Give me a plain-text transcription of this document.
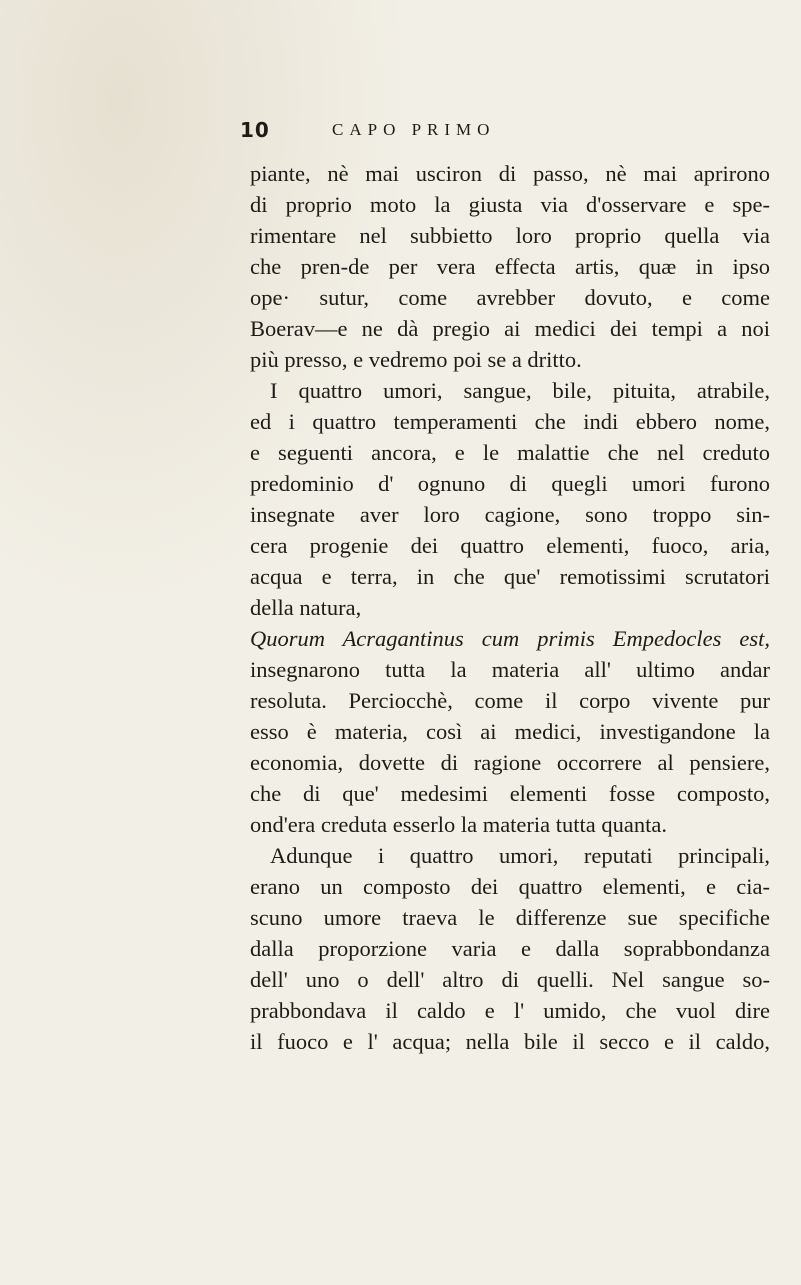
10	CAPO PRIMO
piante, nè mai usciron di passo, nè mai aprirono
di proprio moto la giusta via d'osservare e spe-
rimentare nel subbietto loro proprio quella via
che pren-de per vera effecta artis, quæ in ipso
ope· sutur, come avrebber dovuto, e come
Boerav—e ne dà pregio ai medici dei tempi a noi
più presso, e vedremo poi se a dritto.
I quattro umori, sangue, bile, pituita, atrabile,
ed i quattro temperamenti che indi ebbero nome,
e seguenti ancora, e le malattie che nel creduto
predominio d' ognuno di quegli umori furono
insegnate aver loro cagione, sono troppo sin-
cera progenie dei quattro elementi, fuoco, aria,
acqua e terra, in che que' remotissimi scrutatori
della natura,
Quorum Acragantinus cum primis Empedocles est,
insegnarono tutta la materia all' ultimo andar
resoluta. Perciocchè, come il corpo vivente pur
esso è materia, così ai medici, investigandone la
economia, dovette di ragione occorrere al pensiere,
che di que' medesimi elementi fosse composto,
ond'era creduta esserlo la materia tutta quanta.
Adunque i quattro umori, reputati principali,
erano un composto dei quattro elementi, e cia-
scuno umore traeva le differenze sue specifiche
dalla proporzione varia e dalla soprabbondanza
dell' uno o dell' altro di quelli. Nel sangue so-
prabbondava il caldo e l' umido, che vuol dire
il fuoco e l' acqua; nella bile il secco e il caldo,
